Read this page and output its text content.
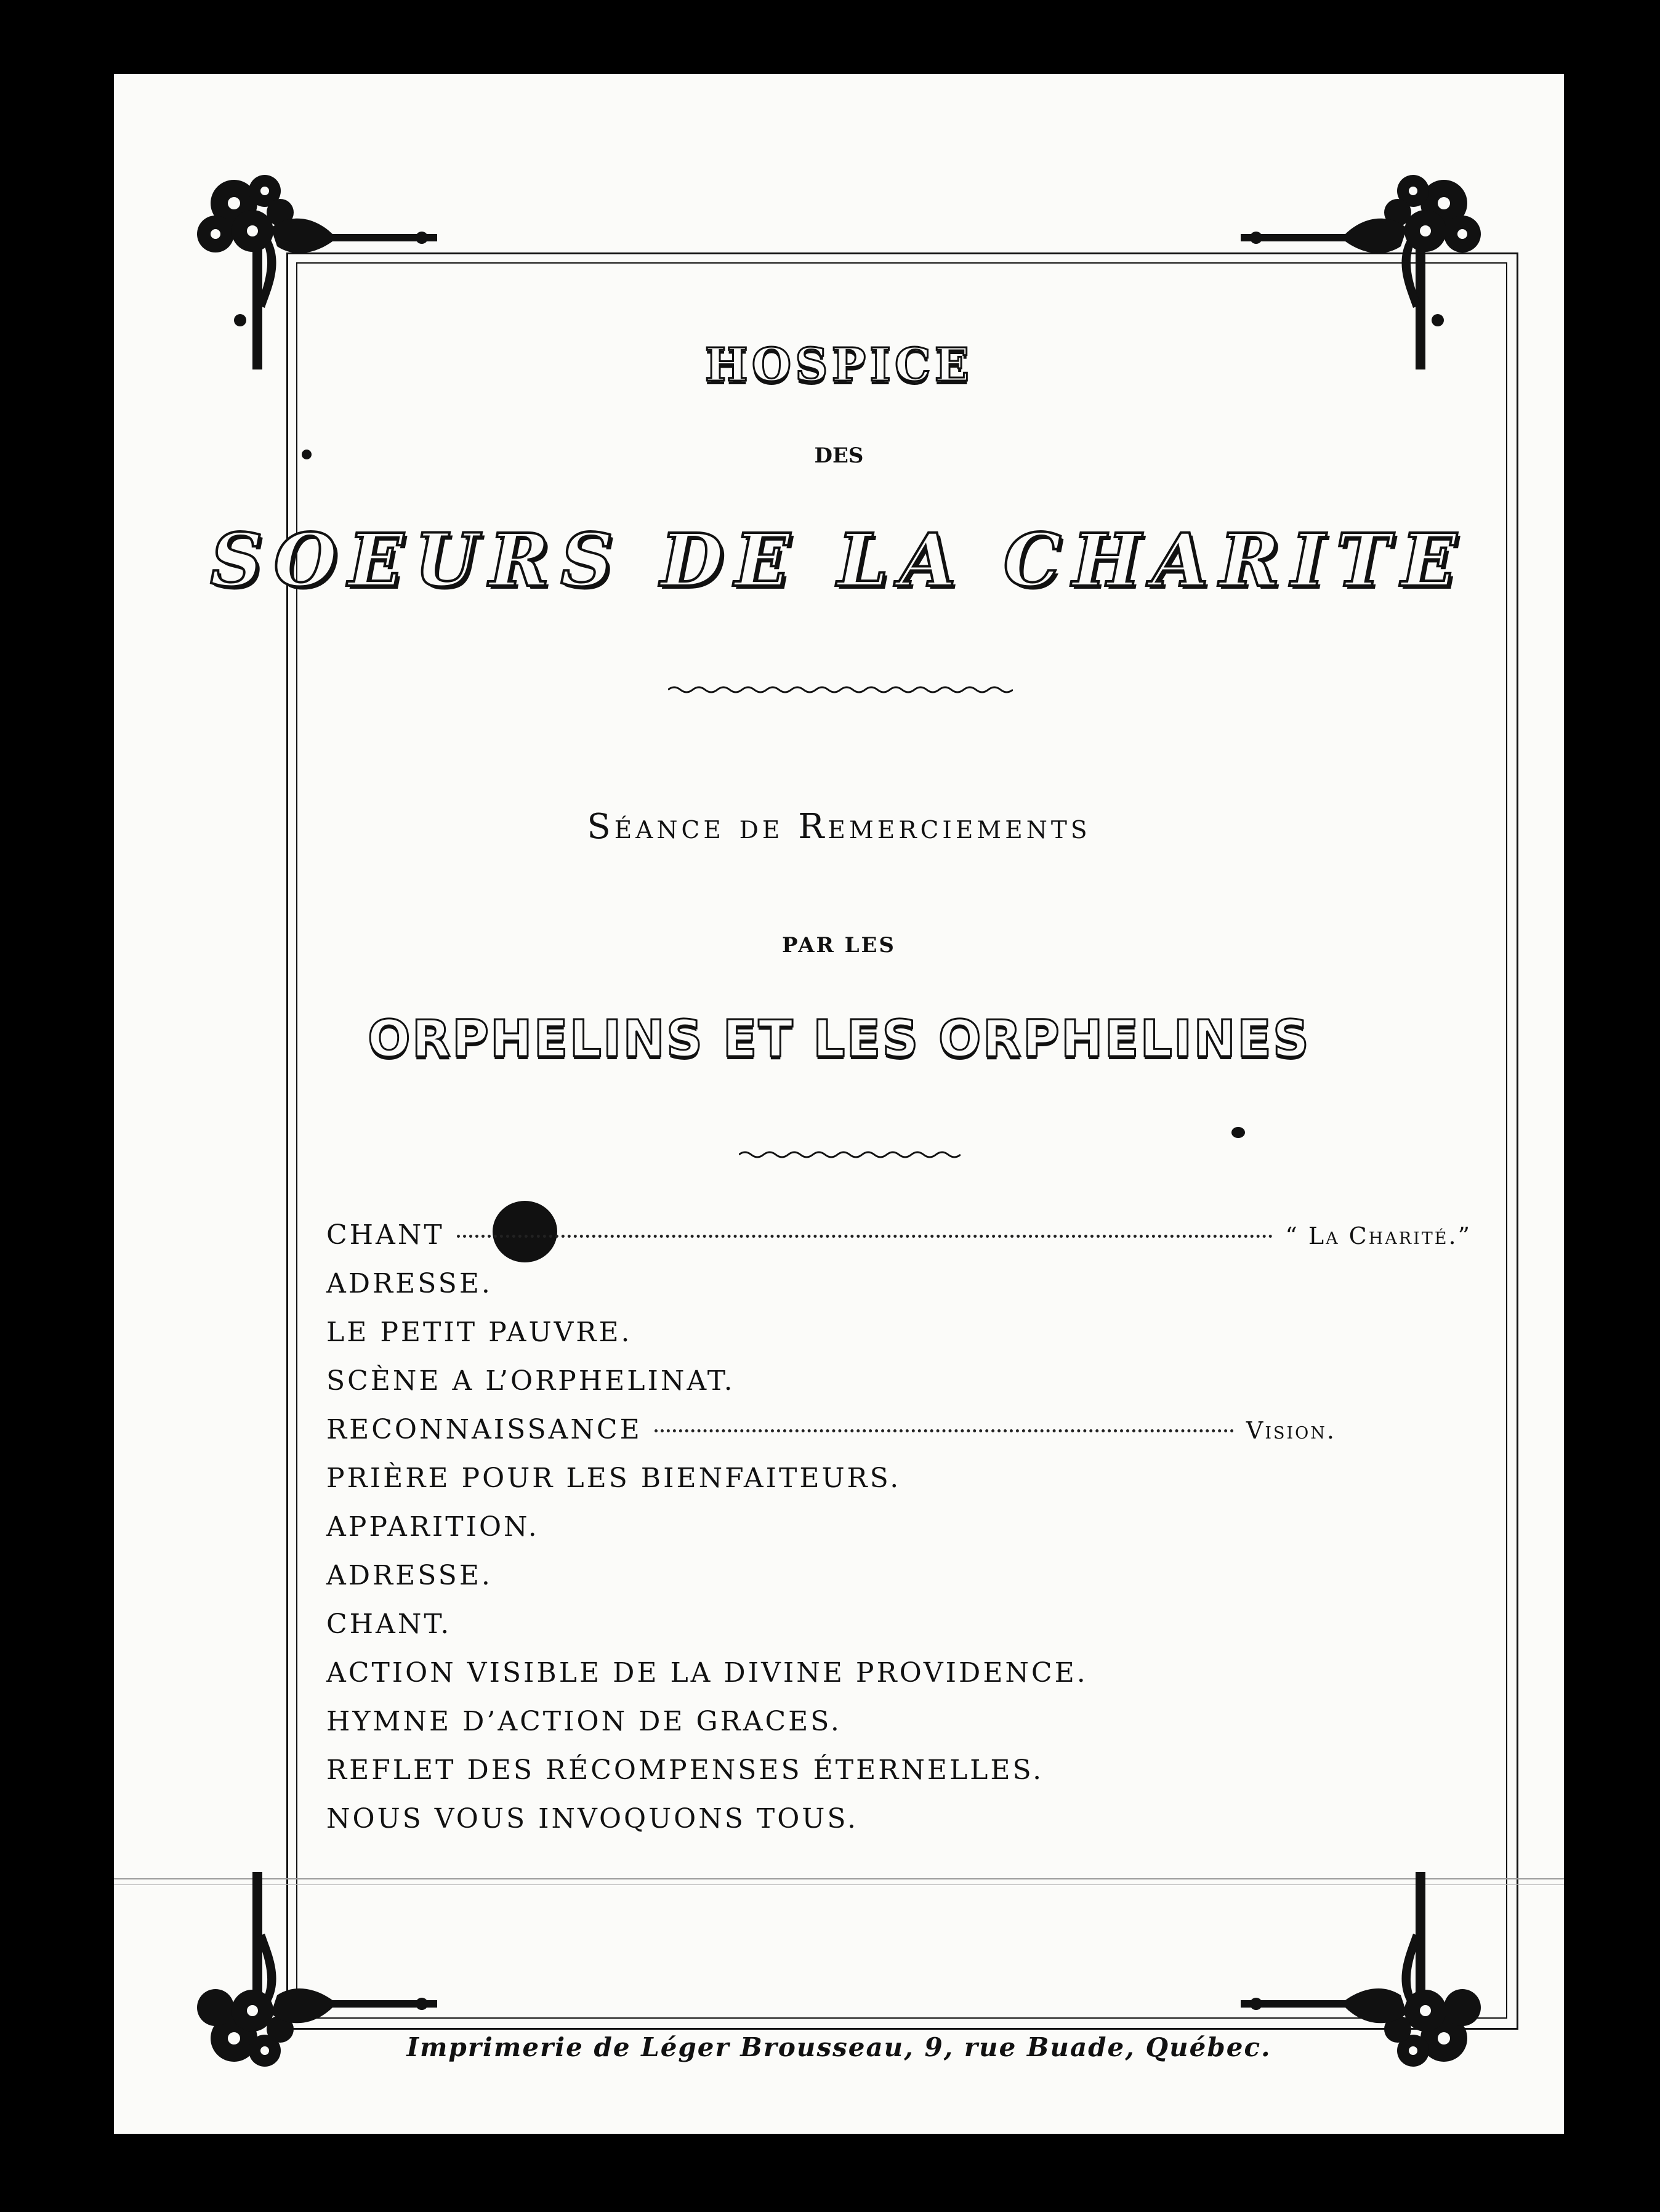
HOSPICE
DES
SOEURS DE LA CHARITE
Séance de Remerciements
PAR LES
ORPHELINS ET LES ORPHELINES
CHANT	“ La Charité.”
ADRESSE.
LE PETIT PAUVRE.
SCÈNE A L’ORPHELINAT.
RECONNAISSANCE	Vision.
PRIÈRE POUR LES BIENFAITEURS.
APPARITION.
ADRESSE.
CHANT.
ACTION VISIBLE DE LA DIVINE PROVIDENCE.
HYMNE D’ACTION DE GRACES.
REFLET DES RÉCOMPENSES ÉTERNELLES.
NOUS VOUS INVOQUONS TOUS.
Imprimerie de Léger Brousseau, 9, rue Buade, Québec.
